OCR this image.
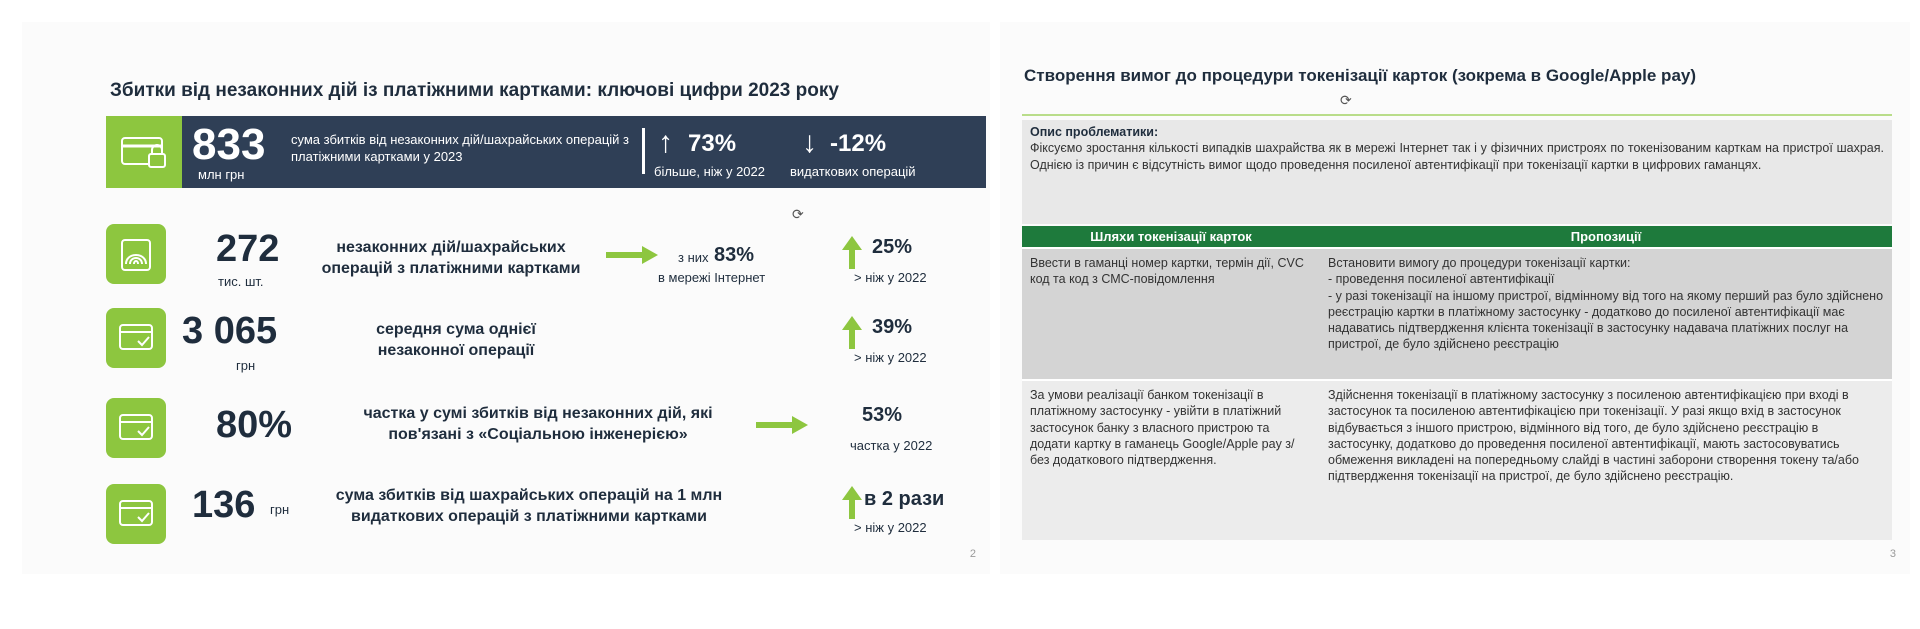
Збитки від незаконних дій із платіжними картками: ключові цифри 2023 року
833
млн грн
сума збитків від незаконних дій/шахрайських операцій з платіжними картками у 2023	↑ 73%
більше, ніж у 2022
↓ -12%
видаткових операцій
⟳
272
тис. шт.
незаконних дій/шахрайських операцій з платіжними картками
з них 83%
в мережі Інтернет
25%
> ніж у 2022
3 065
грн
середня сума однієї незаконної операції
39%
> ніж у 2022
80%	частка у сумі збитків від незаконних дій, які пов'язані з «Соціальною інженерією»
53%
частка у 2022
136 грн
сума збитків від шахрайських операцій на 1 млн видаткових операцій з платіжними картками
в 2 рази
> ніж у 2022
2
Створення вимог до процедури токенізації карток (зокрема в Google/Apple pay)
⟳
Опис проблематики:
Фіксуємо зростання кількості випадків шахрайства як в мережі Інтернет так і у фізичних пристроях по токенізованим карткам на пристрої шахрая. Однією із причин є відсутність вимог щодо проведення посиленої автентифікації при токенізації картки в цифрових гаманцях.
Шляхи токенізації карток	Пропозиції
Ввести в гаманці номер картки, термін дії, CVC код та код з СМС-повідомлення	Встановити вимогу до процедури токенізації картки:
- проведення посиленої автентифікації
- у разі токенізації на іншому пристрої, відмінному від того на якому перший раз було здійснено реєстрацію картки в платіжному застосунку - додатково до посиленої автентифікації має надаватись підтвердження клієнта токенізації в застосунку надавача платіжних послуг на пристрої, де було здійснено реєстрацію

За умови реалізації банком токенізації в платіжному застосунку - увійти в платіжний застосунок банку з власного пристрою та додати картку в гаманець Google/Apple pay з/без додаткового підтвердження.	Здійснення токенізації в платіжному застосунку з посиленою автентифікацією при вході в застосунок та посиленою автентифікацією при токенізації. У разі якщо вхід в застосунок відбувається з іншого пристрою, відмінного від того, де було здійснено реєстрацію в застосунку, додатково до проведення посиленої автентифікації, мають застосовуватись обмеження викладені на попередньому слайді в частині заборони створення токену та/або підтвердження токенізації на пристрої, де було здійснено реєстрацію.
3
